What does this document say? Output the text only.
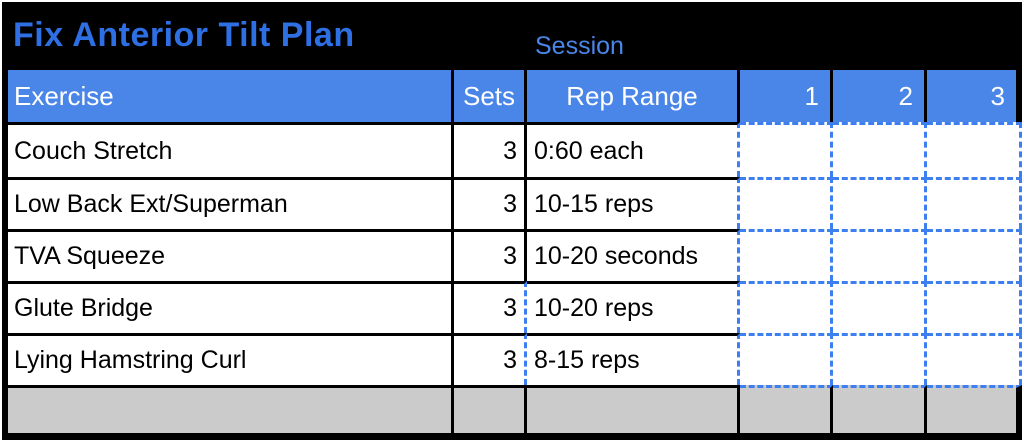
Fix Anterior Tilt Plan	Session
Exercise	Sets	Rep Range	1	2	3
Couch Stretch	3 0:60 each
Low Back Ext/Superman	3 10-15 reps
TVA Squeeze	3 10-20 seconds
Glute Bridge	3 10-20 reps
Lying Hamstring Curl	3 8-15 reps
